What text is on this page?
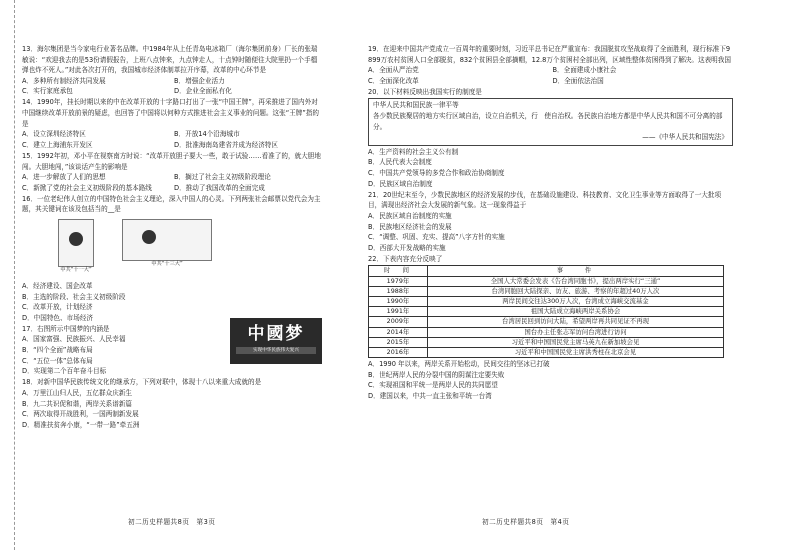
13．海尔集团是当今家电行业著名品牌。中1984年从上任青岛电冰箱厂（海尔集团前身）厂长的张瑞敏说：“欢迎我去的是53份请假报告，上班八点钟来，九点钟走人，十点钟时随便往大院里扔一个手榴弹也炸不死人。”对此各次打开的，我国城市经济体制革拉开序幕，改革的中心环节是
A．多种所有制经济共同发展	B．增强企业活力
C．实行家庭承包	D．企业全面私有化
14．1990年，挂长时期以来的中在改革开放的十字路口打出了一张“中国王牌”，再采推进了国内外对中国继续改革开放前景的疑虑，也回答了中国将以何种方式推进社会主义事业的问题。这张“王牌”指的是
A．设立深圳经济特区	B．开放14个沿海城市
C．建立上海浦东开发区	D．批准海南岛建省并成为经济特区
15．1992年初，邓小平在视察南方时说：“改革开放胆子要大一些，敢于试验……看准了的，就大胆地闯。大胆地闯，”该谈话产生的影响是
A．进一步解放了人们的思想	B．搁过了社会主义初级阶段理论
C．新掀了党的社会主义初级阶段的基本路线	D．推动了我国改革的全面完成
16．一位老纪伟人创立的中国特色社会主义理论，深入中国人的心灵。下列两张社会邮票以党代会为主题，其关键词在该及包括当的__是
中共“十一大”
中共“十三大”
A．经济建设、国企改革
B．主选的阶段、社会主义初级阶段
C．改革开放，计划经济
D．中国特色、市场经济
17．右图所示中国梦的内涵是
A．国家富强、民族振兴、人民幸福
B．“四个全面”战略布局
C．“五位一体”总体布局
D．实现第二个百年奋斗目标
18．对新中国华民族传统文化的继承方，下列对联中，体现十八以来重大成就的是
A．万里江山归人民，五亿群众庆新生
B．九二共识促和谐，两岸关系谱新篇
C．两次取得开战胜利，一国两制新发展
D．精准扶贫奔小康，“一带一路”牵五洲
中國梦
实现中华民族伟大复兴
初二历史样题共8页　第3页
19．在迎来中国共产党成立一百周年的重要时刻，习近平总书记在严重宣布：我国脱贫攻坚战取得了全面胜利，现行标准下9899万农村贫困人口全部脱贫，832个贫困县全部摘帽，12.8万个贫困村全部出列，区域性整体贫困得到了解决。这表明我国
A．全面从严治党	B．全面建成小康社会
C．全面深化改革	D．全面依法治国
20．以下材料反映出我国实行的制度是
中华人民共和国民族一律平等
各少数民族聚居的地方实行区域自治，设立自治机关，行　使自治权。各民族自治地方都是中华人民共和国不可分离的部分。
——《中华人民共和国宪法》
A．生产资料的社会主义公有制
B．人民代表大会制度
C．中国共产党领导的多党合作和政治协商制度
D．民族区域自治制度
21．20世纪末至今，少数民族地区的经济发展的步伐，在基础设施建设、科技教育、文化卫生事业等方面取得了一大批项目，满现出经济社会大发展的新气象。这一现象得益于
A．民族区域自治制度的实施
B．民族地区经济社会的发展
C．“调整、巩固、充实、提高”八字方针的实施
D．西部大开发战略的实施
22．下表内容充分反映了
时　间	事　　件
1979年	全国人大常委会发表《告台湾同胞书》，提出两岸实行“三通”
1988年	台湾同胞回大陆探亲、访友、旅游、考察的年超过40万人次
1990年	两岸民间交往达300万人次，台湾成立海峡交流基金
1991年	祖国大陆成立海峡两岸关系协会
2009年	台湾居民回到访问大陆，希望两岸再共同见证不再现
2014年	国台办主任张志军访问台湾进行访问
2015年	习近平和中国国民党主席马英九在新加坡会见
2016年	习近平和中国国民党主席洪秀柱在北京会见
A．1990 年以来，两岸关系开始松动，民间交往的坚冰已打破
B．世纪两岸人民的分裂中国的阴谋注定要失败
C．实现祖国和平统一是两岸人民的共同愿望
D．建国以来，中共一直主张和平统一台湾
初二历史样题共8页　第4页
